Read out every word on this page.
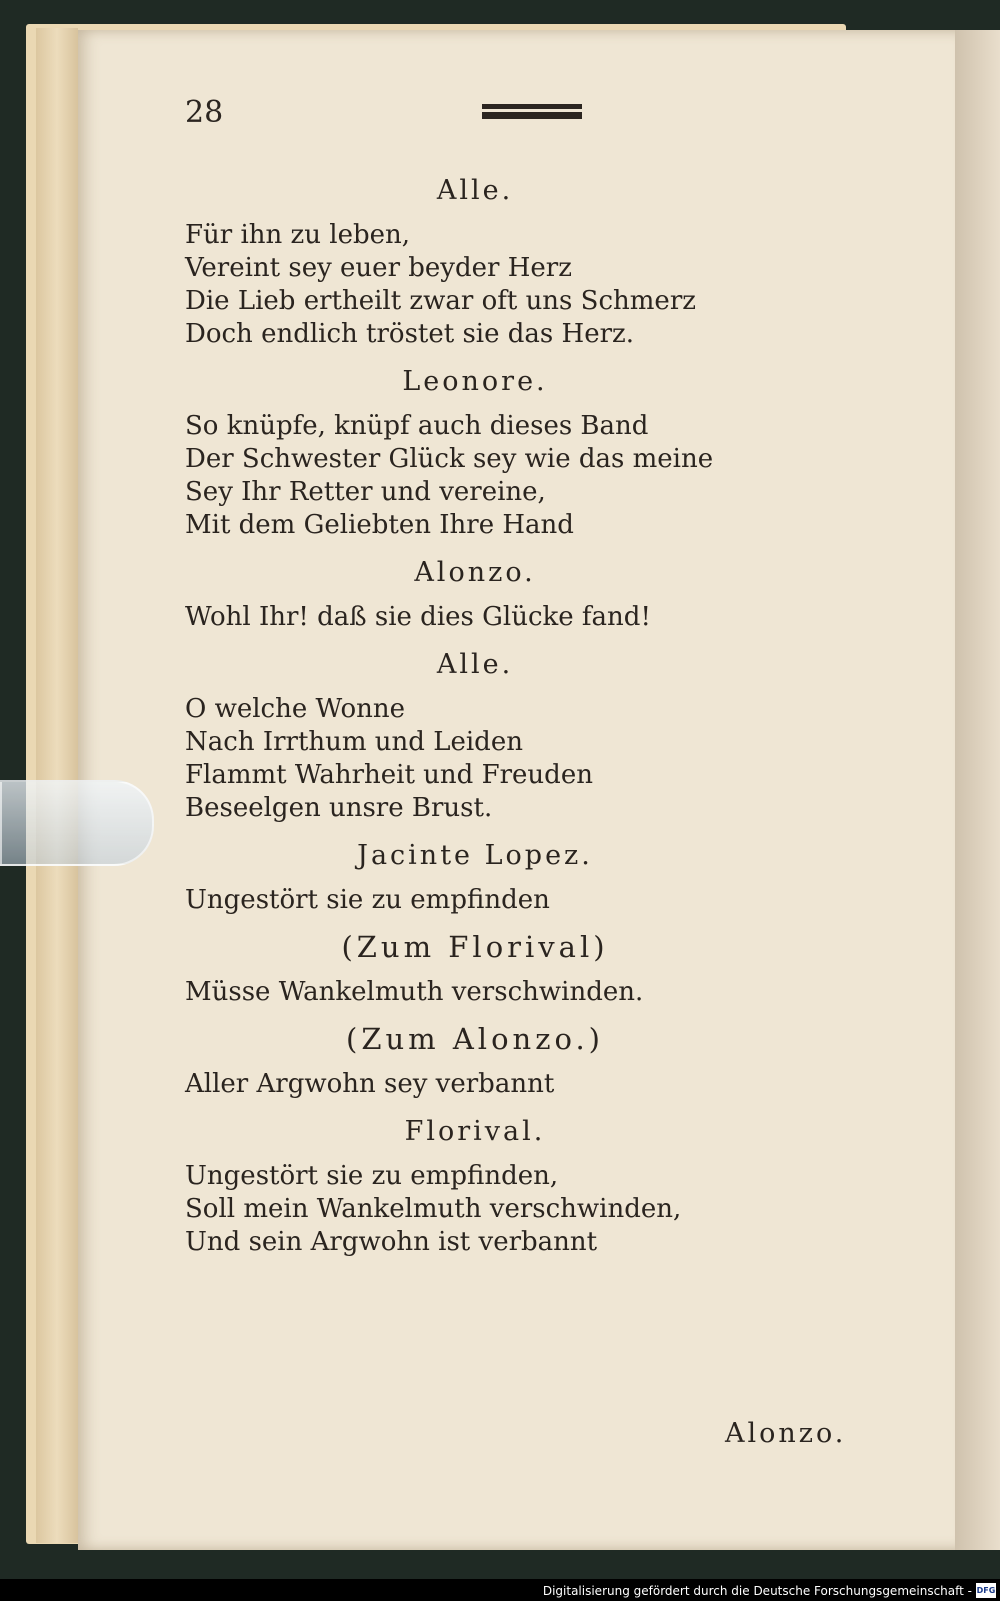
28
Alle.
Für ihn zu leben,
Vereint sey euer beyder Herz
Die Lieb ertheilt zwar oft uns Schmerz
Doch endlich tröstet sie das Herz.
Leonore.
So knüpfe, knüpf auch dieses Band
Der Schwester Glück sey wie das meine
Sey Ihr Retter und vereine,
Mit dem Geliebten Ihre Hand
Alonzo.
Wohl Ihr! daß sie dies Glücke fand!
Alle.
O welche Wonne
Nach Irrthum und Leiden
Flammt Wahrheit und Freuden
Beseelgen unsre Brust.
Jacinte Lopez.
Ungestört sie zu empfinden
(Zum Florival)
Müsse Wankelmuth verschwinden.
(Zum Alonzo.)
Aller Argwohn sey verbannt
Florival.
Ungestört sie zu empfinden,
Soll mein Wankelmuth verschwinden,
Und sein Argwohn ist verbannt
Alonzo.
Digitalisierung gefördert durch die Deutsche Forschungsgemeinschaft - DFG
